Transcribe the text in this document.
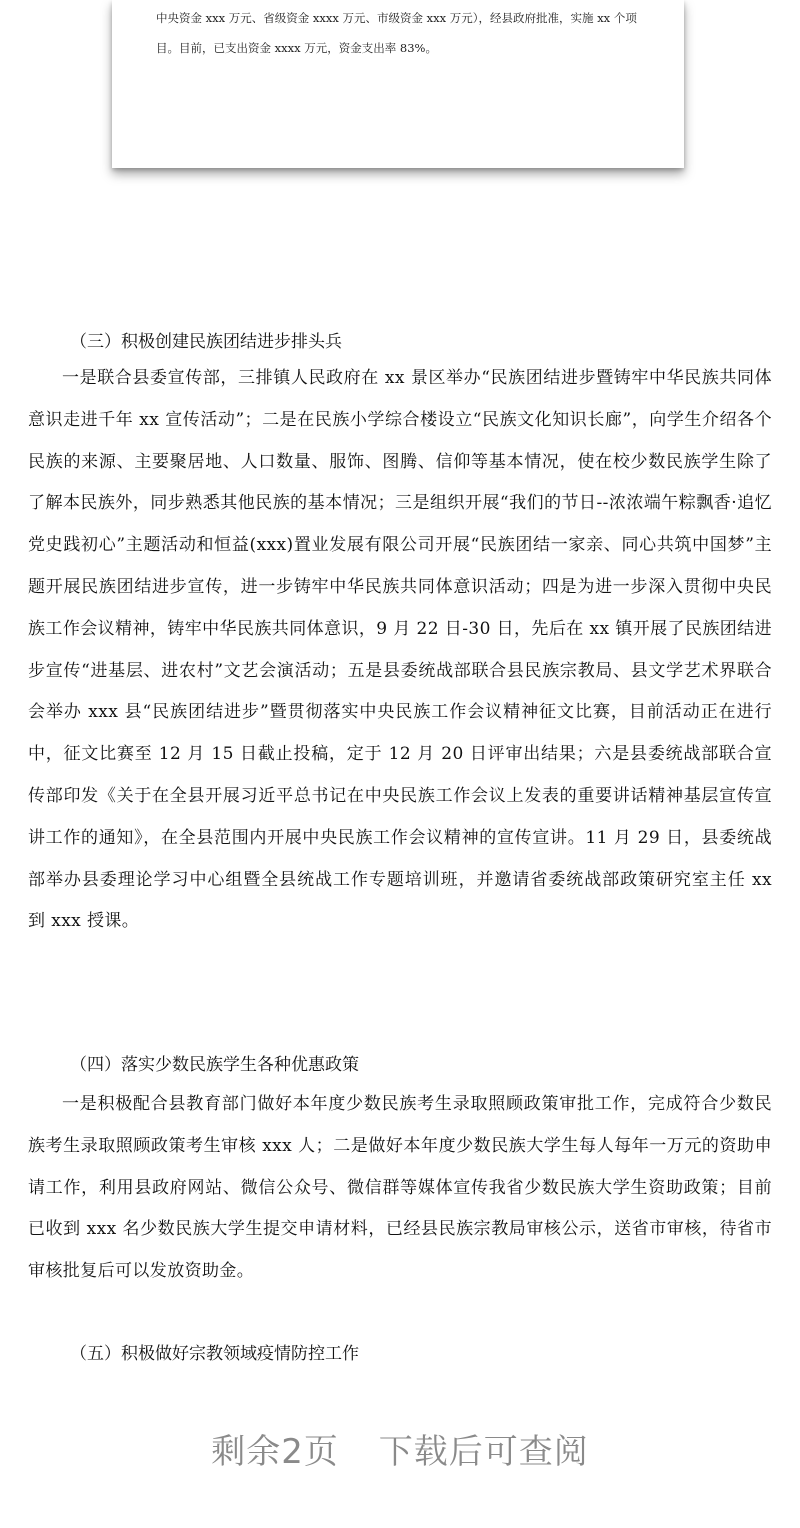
中央资金 xxx 万元、省级资金 xxxx 万元、市级资金 xxx 万元），经县政府批准，实施 xx 个项

目。目前，已支出资金 xxxx 万元，资金支出率 83%。

（三）积极创建民族团结进步排头兵
一是联合县委宣传部，三排镇人民政府在 xx 景区举办“民族团结进步暨铸牢中华民族共同体意识走进千年 xx 宣传活动”；二是在民族小学综合楼设立“民族文化知识长廊”，向学生介绍各个民族的来源、主要聚居地、人口数量、服饰、图腾、信仰等基本情况，使在校少数民族学生除了了解本民族外，同步熟悉其他民族的基本情况；三是组织开展“我们的节日--浓浓端午粽飘香·追忆党史践初心”主题活动和恒益(xxx)置业发展有限公司开展“民族团结一家亲、同心共筑中国梦”主题开展民族团结进步宣传，进一步铸牢中华民族共同体意识活动；四是为进一步深入贯彻中央民族工作会议精神，铸牢中华民族共同体意识，9 月 22 日-30 日，先后在 xx 镇开展了民族团结进步宣传“进基层、进农村”文艺会演活动；五是县委统战部联合县民族宗教局、县文学艺术界联合会举办 xxx 县“民族团结进步”暨贯彻落实中央民族工作会议精神征文比赛，目前活动正在进行中，征文比赛至 12 月 15 日截止投稿，定于 12 月 20 日评审出结果；六是县委统战部联合宣传部印发《关于在全县开展习近平总书记在中央民族工作会议上发表的重要讲话精神基层宣传宣讲工作的通知》，在全县范围内开展中央民族工作会议精神的宣传宣讲。11 月 29 日，县委统战部举办县委理论学习中心组暨全县统战工作专题培训班，并邀请省委统战部政策研究室主任 xx 到 xxx 授课。
（四）落实少数民族学生各种优惠政策
一是积极配合县教育部门做好本年度少数民族考生录取照顾政策审批工作，完成符合少数民族考生录取照顾政策考生审核 xxx 人；二是做好本年度少数民族大学生每人每年一万元的资助申请工作，利用县政府网站、微信公众号、微信群等媒体宣传我省少数民族大学生资助政策；目前已收到 xxx 名少数民族大学生提交申请材料，已经县民族宗教局审核公示，送省市审核，待省市审核批复后可以发放资助金。
（五）积极做好宗教领域疫情防控工作
剩余2页 下载后可查阅
